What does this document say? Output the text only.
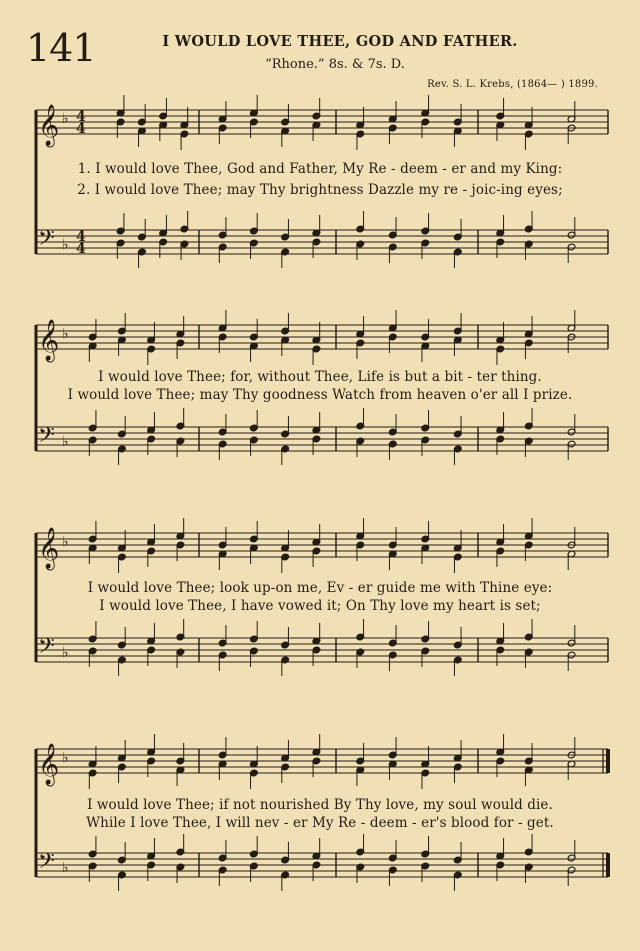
141	I WOULD LOVE THEE, GOD AND FATHER.
“Rhone.” 8s. & 7s. D.
Rev. S. L. Krebs, (1864— ) 1899.
𝄞 ♭ 4
4
𝄢 ♭ 4
4
1. I would love Thee, God and Father, My Re - deem - er and my King:
2. I would love Thee; may Thy brightness Dazzle my re - joic-ing eyes;
𝄞 ♭
𝄢 ♭
I would love Thee; for, without Thee, Life is but a bit - ter thing.
I would love Thee; may Thy goodness Watch from heaven o'er all I prize.
𝄞 ♭
𝄢 ♭
I would love Thee; look up-on me, Ev - er guide me with Thine eye:
I would love Thee, I have vowed it; On Thy love my heart is set;
𝄞 ♭
𝄢 ♭
I would love Thee; if not nourished By Thy love, my soul would die.
While I love Thee, I will nev - er My Re - deem - er's blood for - get.
